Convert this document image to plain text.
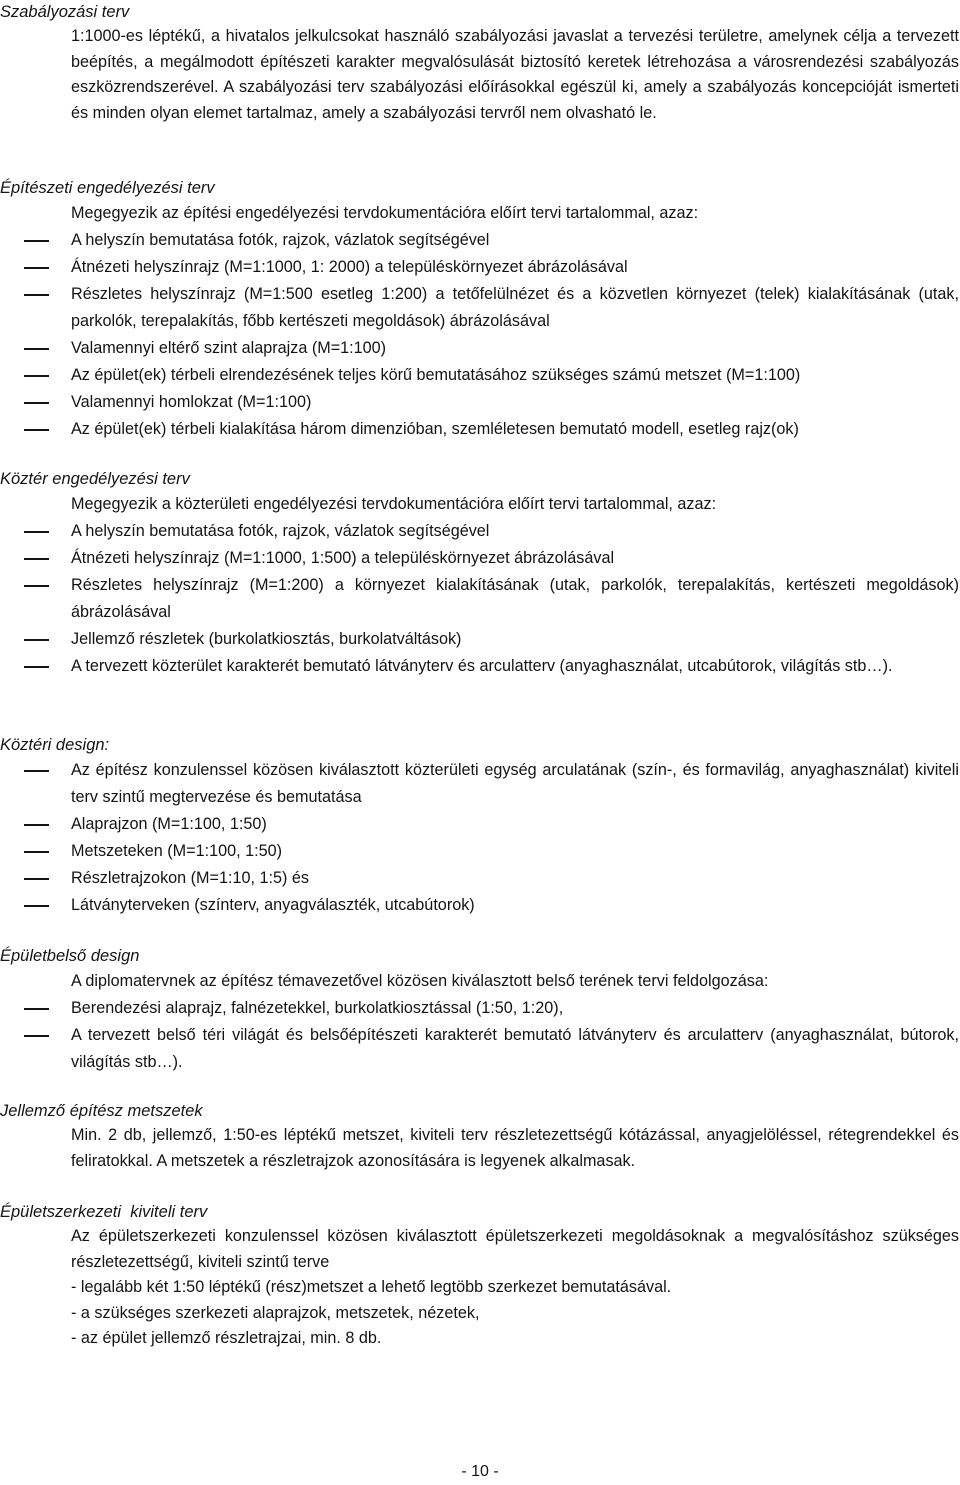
Szabályozási terv

1:1000-es léptékű, a hivatalos jelkulcsokat használó szabályozási javaslat a tervezési területre, amelynek célja a tervezett beépítés, a megálmodott építészeti karakter megvalósulását biztosító keretek létrehozása a városrendezési szabályozás eszközrendszerével. A szabályozási terv szabályozási előírásokkal egészül ki, amely a szabályozás koncepcióját ismerteti és minden olyan elemet tartalmaz, amely a szabályozási tervről nem olvasható le.

Építészeti engedélyezési terv

Megegyezik az építési engedélyezési tervdokumentációra előírt tervi tartalommal, azaz:

A helyszín bemutatása fotók, rajzok, vázlatok segítségével
Átnézeti helyszínrajz (M=1:1000, 1: 2000) a településkörnyezet ábrázolásával
Részletes helyszínrajz (M=1:500 esetleg 1:200) a tetőfelülnézet és a közvetlen környezet (telek) kialakításának (utak, parkolók, terepalakítás, főbb kertészeti megoldások) ábrázolásával
Valamennyi eltérő szint alaprajza (M=1:100)
Az épület(ek) térbeli elrendezésének teljes körű bemutatásához szükséges számú metszet (M=1:100)
Valamennyi homlokzat (M=1:100)
Az épület(ek) térbeli kialakítása három dimenzióban, szemléletesen bemutató modell, esetleg rajz(ok)
Köztér engedélyezési terv

Megegyezik a közterületi engedélyezési tervdokumentációra előírt tervi tartalommal, azaz:

A helyszín bemutatása fotók, rajzok, vázlatok segítségével
Átnézeti helyszínrajz (M=1:1000, 1:500) a településkörnyezet ábrázolásával
Részletes helyszínrajz (M=1:200) a környezet kialakításának (utak, parkolók, terepalakítás, kertészeti megoldások) ábrázolásával
Jellemző részletek (burkolatkiosztás, burkolatváltások)
A tervezett közterület karakterét bemutató látványterv és arculatterv (anyaghasználat, utcabútorok, világítás stb…).
Köztéri design:
Az építész konzulenssel közösen kiválasztott közterületi egység arculatának (szín-, és formavilág, anyaghasználat) kiviteli terv szintű megtervezése és bemutatása
Alaprajzon (M=1:100, 1:50)
Metszeteken (M=1:100, 1:50)
Részletrajzokon (M=1:10, 1:5) és
Látványterveken (színterv, anyagválaszték, utcabútorok)
Épületbelső design

A diplomatervnek az építész témavezetővel közösen kiválasztott belső terének tervi feldolgozása:

Berendezési alaprajz, falnézetekkel, burkolatkiosztással (1:50, 1:20),
A tervezett belső téri világát és belsőépítészeti karakterét bemutató látványterv és arculatterv (anyaghasználat, bútorok, világítás stb…).
Jellemző építész metszetek

Min. 2 db, jellemző, 1:50-es léptékű metszet, kiviteli terv részletezettségű kótázással, anyagjelöléssel, rétegrendekkel és feliratokkal. A metszetek a részletrajzok azonosítására is legyenek alkalmasak.

Épületszerkezeti  kiviteli terv

Az épületszerkezeti konzulenssel közösen kiválasztott épületszerkezeti megoldásoknak a megvalósításhoz szükséges részletezettségű, kiviteli szintű terve

- legalább két 1:50 léptékű (rész)metszet a lehető legtöbb szerkezet bemutatásával.

- a szükséges szerkezeti alaprajzok, metszetek, nézetek,

- az épület jellemző részletrajzai, min. 8 db.

- 10 -
